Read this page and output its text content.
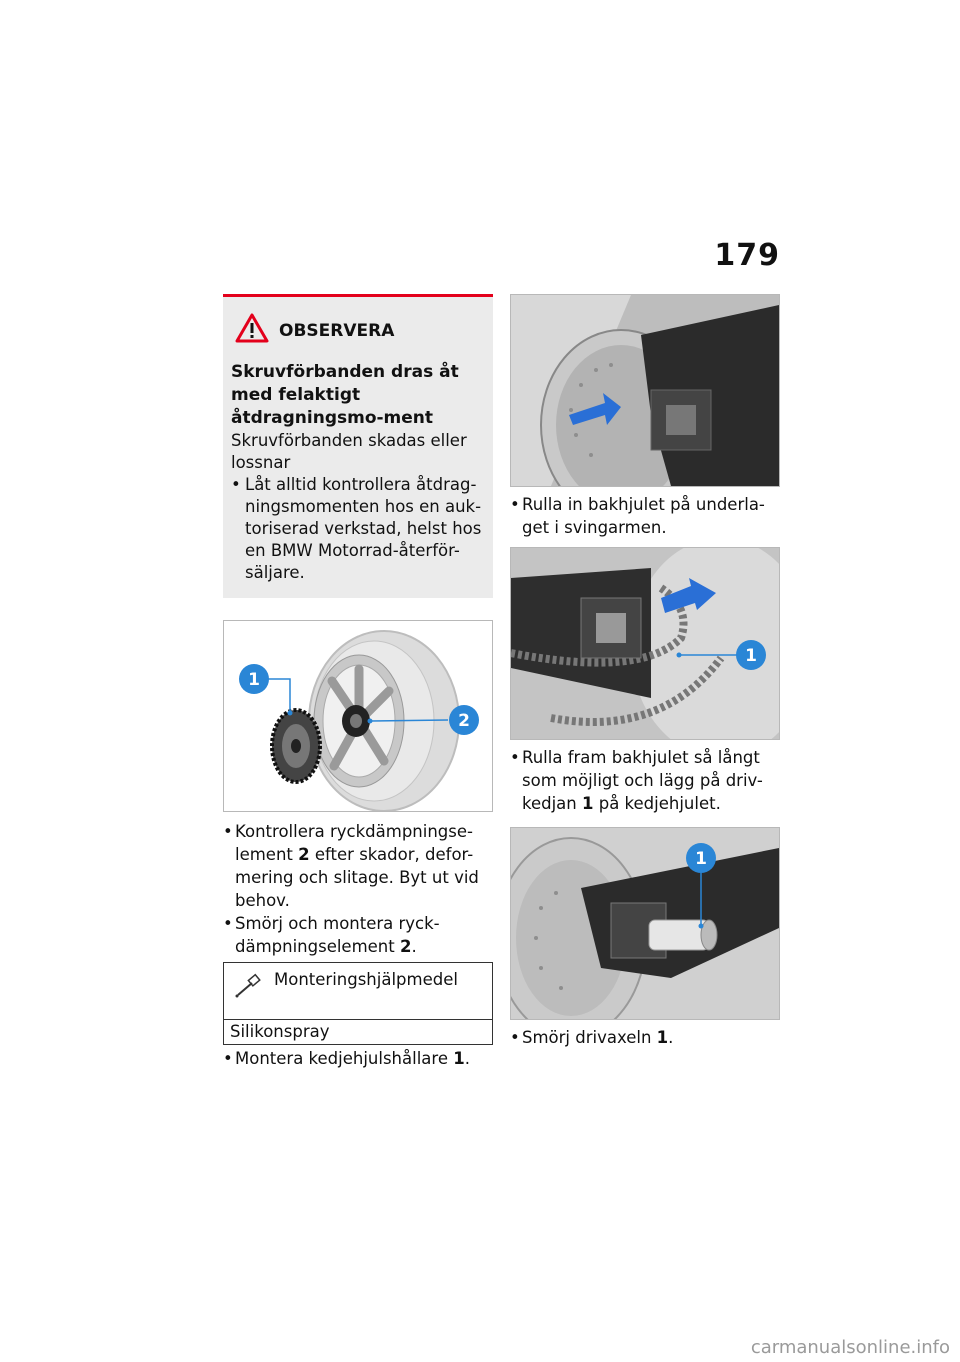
179
OBSERVERA
Skruvförbanden dras åt med felaktigt åtdragningsmo-ment
Skruvförbanden skadas eller lossnar
• Låt alltid kontrollera åtdrag-ningsmomenten hos en auk-toriserad verkstad, helst hos en BMW Motorrad-återför-säljare.
1
2
• Kontrollera ryckdämpningse-lement 2 efter skador, defor-mering och slitage. Byt ut vid behov.
• Smörj och montera ryck-dämpningselement 2.
Monteringshjälpmedel
Silikonspray
• Montera kedjehjulshållare 1.
• Rulla in bakhjulet på underla-get i svingarmen.
1
• Rulla fram bakhjulet så långt som möjligt och lägg på driv-kedjan 1 på kedjehjulet.
1
• Smörj drivaxeln 1.
carmanualsonline.info
